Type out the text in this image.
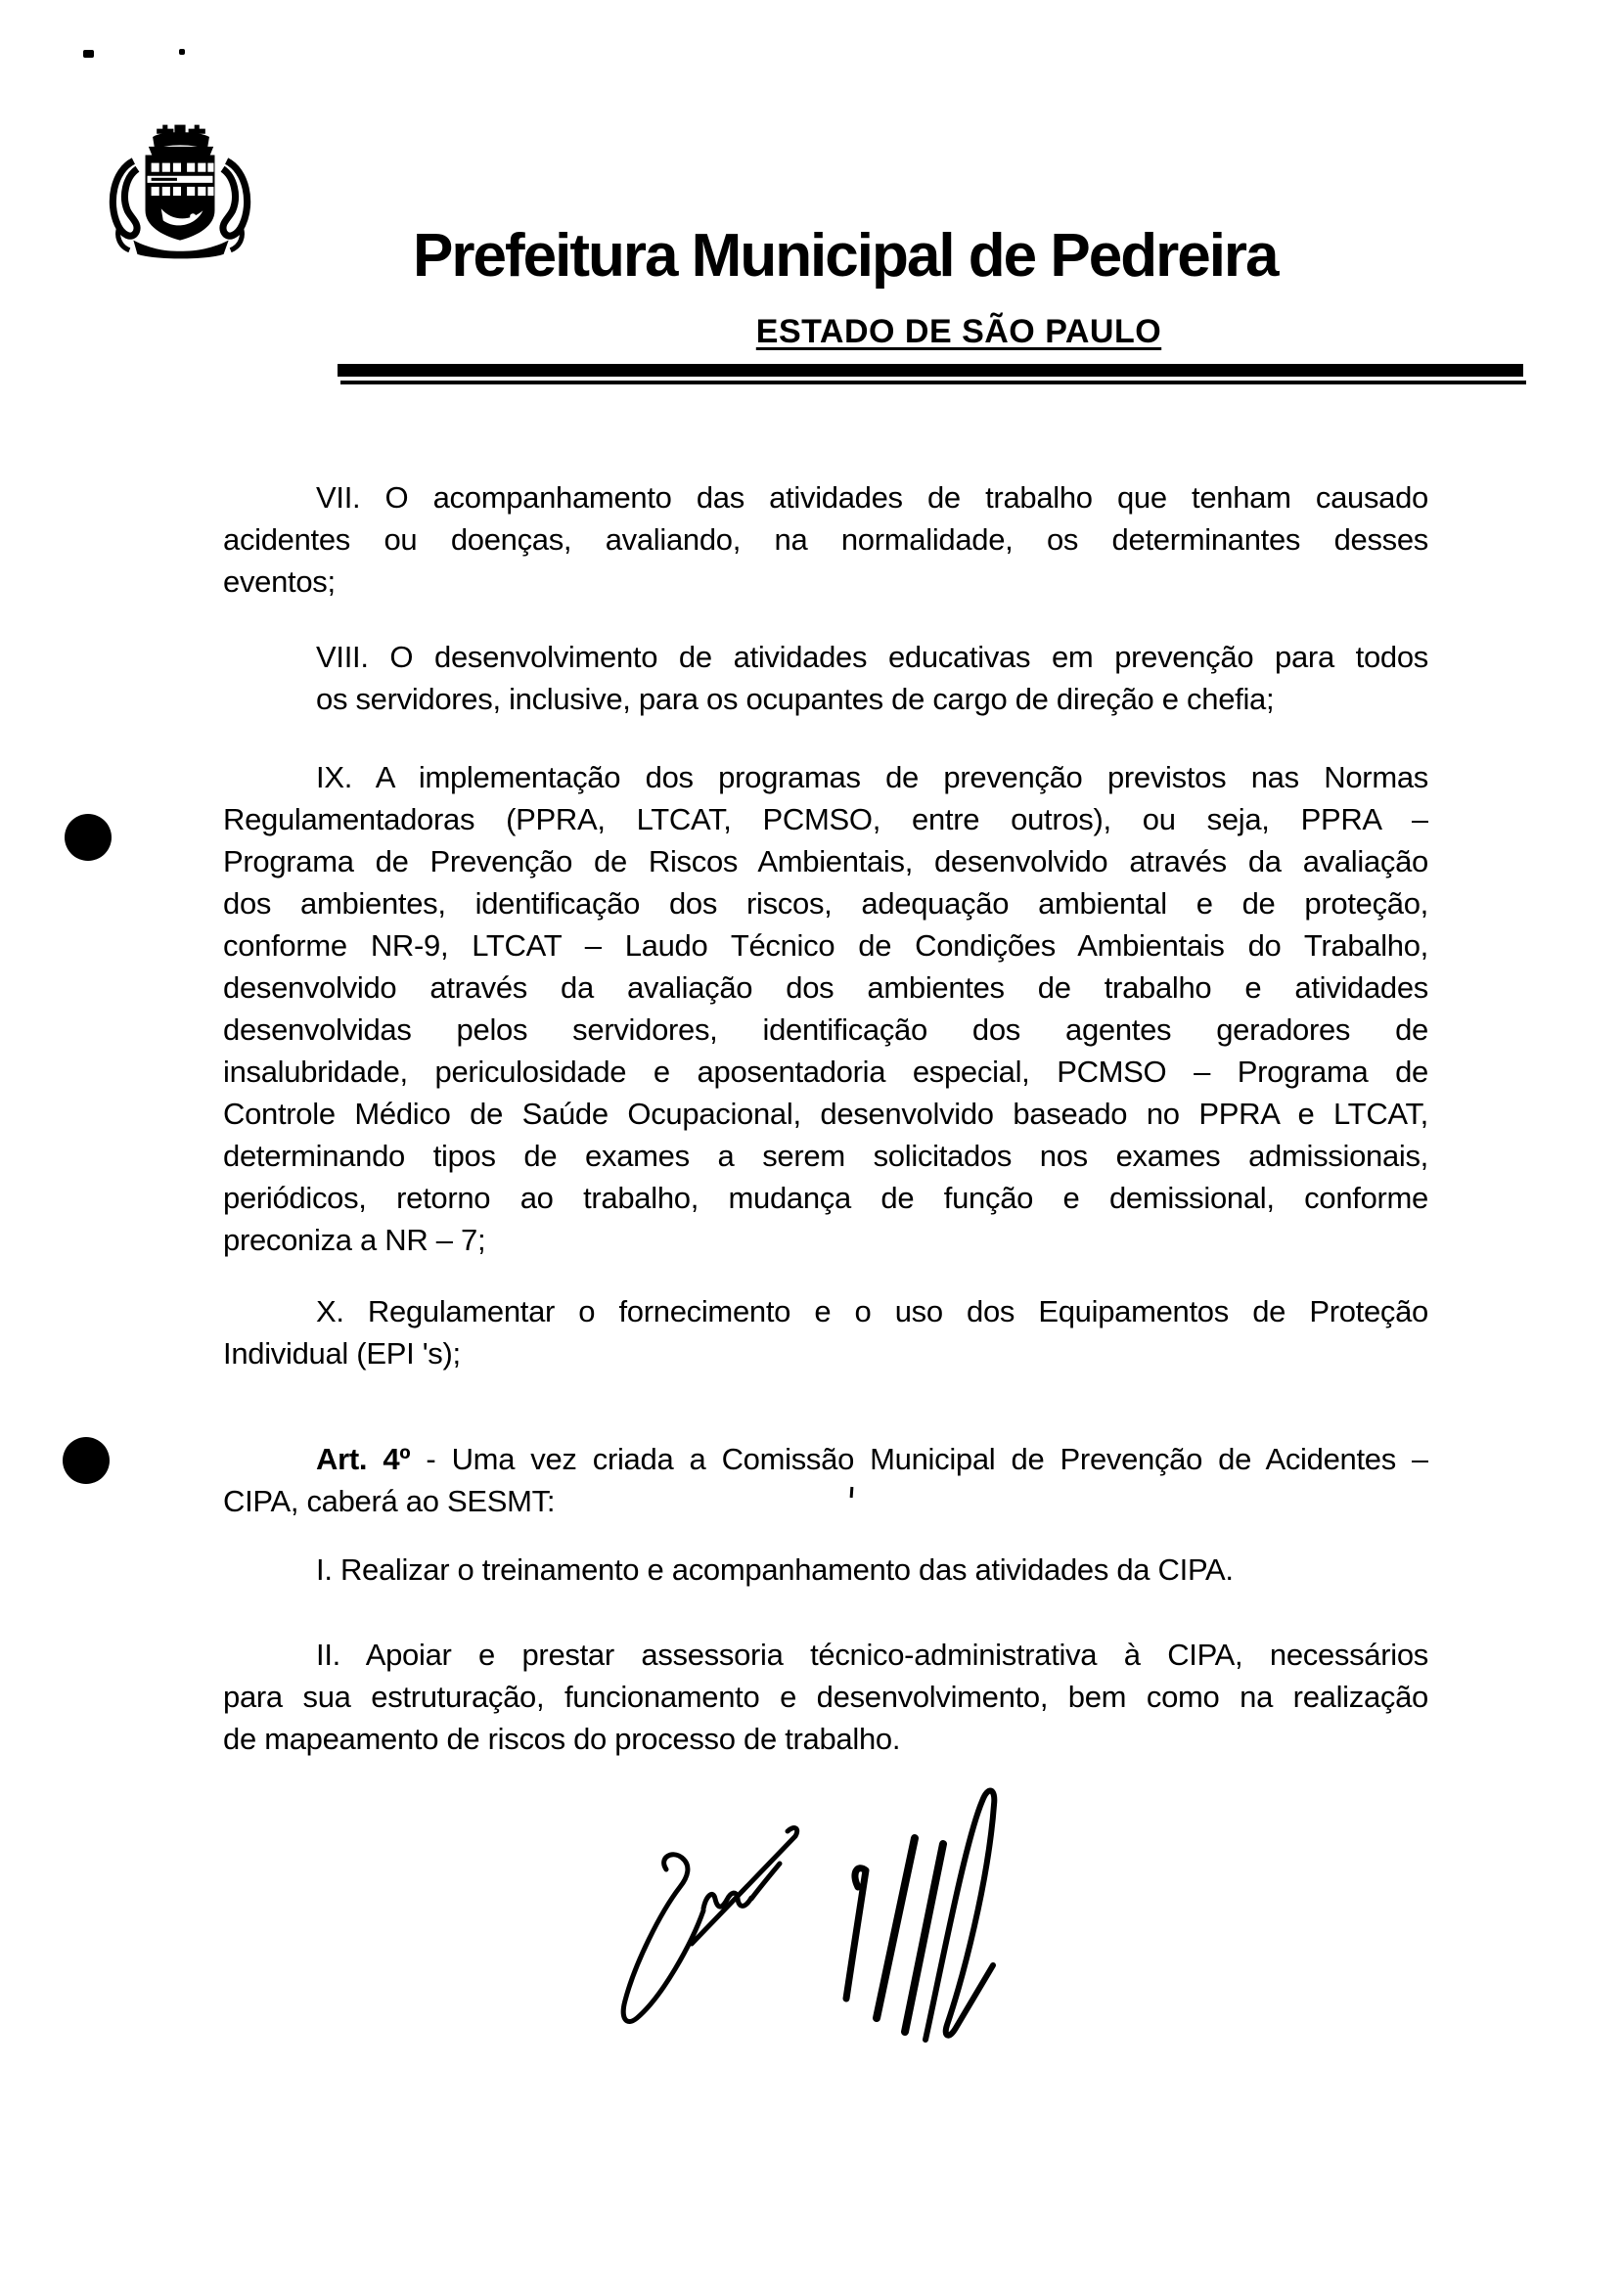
Prefeitura Municipal de Pedreira
ESTADO DE SÃO PAULO
VII. O acompanhamento das atividades de trabalho que tenham causado
acidentes ou doenças, avaliando, na normalidade, os determinantes desses
eventos;
VIII. O desenvolvimento de atividades educativas em prevenção para todos
os servidores, inclusive, para os ocupantes de cargo de direção e chefia;
IX. A implementação dos programas de prevenção previstos nas Normas
Regulamentadoras (PPRA, LTCAT, PCMSO, entre outros), ou seja, PPRA –
Programa de Prevenção de Riscos Ambientais, desenvolvido através da avaliação
dos ambientes, identificação dos riscos, adequação ambiental e de proteção,
conforme NR-9, LTCAT – Laudo Técnico de Condições Ambientais do Trabalho,
desenvolvido através da avaliação dos ambientes de trabalho e atividades
desenvolvidas pelos servidores, identificação dos agentes geradores de
insalubridade, periculosidade e aposentadoria especial, PCMSO – Programa de
Controle Médico de Saúde Ocupacional, desenvolvido baseado no PPRA e LTCAT,
determinando tipos de exames a serem solicitados nos exames admissionais,
periódicos, retorno ao trabalho, mudança de função e demissional, conforme
preconiza a NR – 7;
X. Regulamentar o fornecimento e o uso dos Equipamentos de Proteção
Individual (EPI 's);
Art. 4º - Uma vez criada a Comissão Municipal de Prevenção de Acidentes –
CIPA, caberá ao SESMT:
I. Realizar o treinamento e acompanhamento das atividades da CIPA.
II. Apoiar e prestar assessoria técnico-administrativa à CIPA, necessários
para sua estruturação, funcionamento e desenvolvimento, bem como na realização
de mapeamento de riscos do processo de trabalho.
